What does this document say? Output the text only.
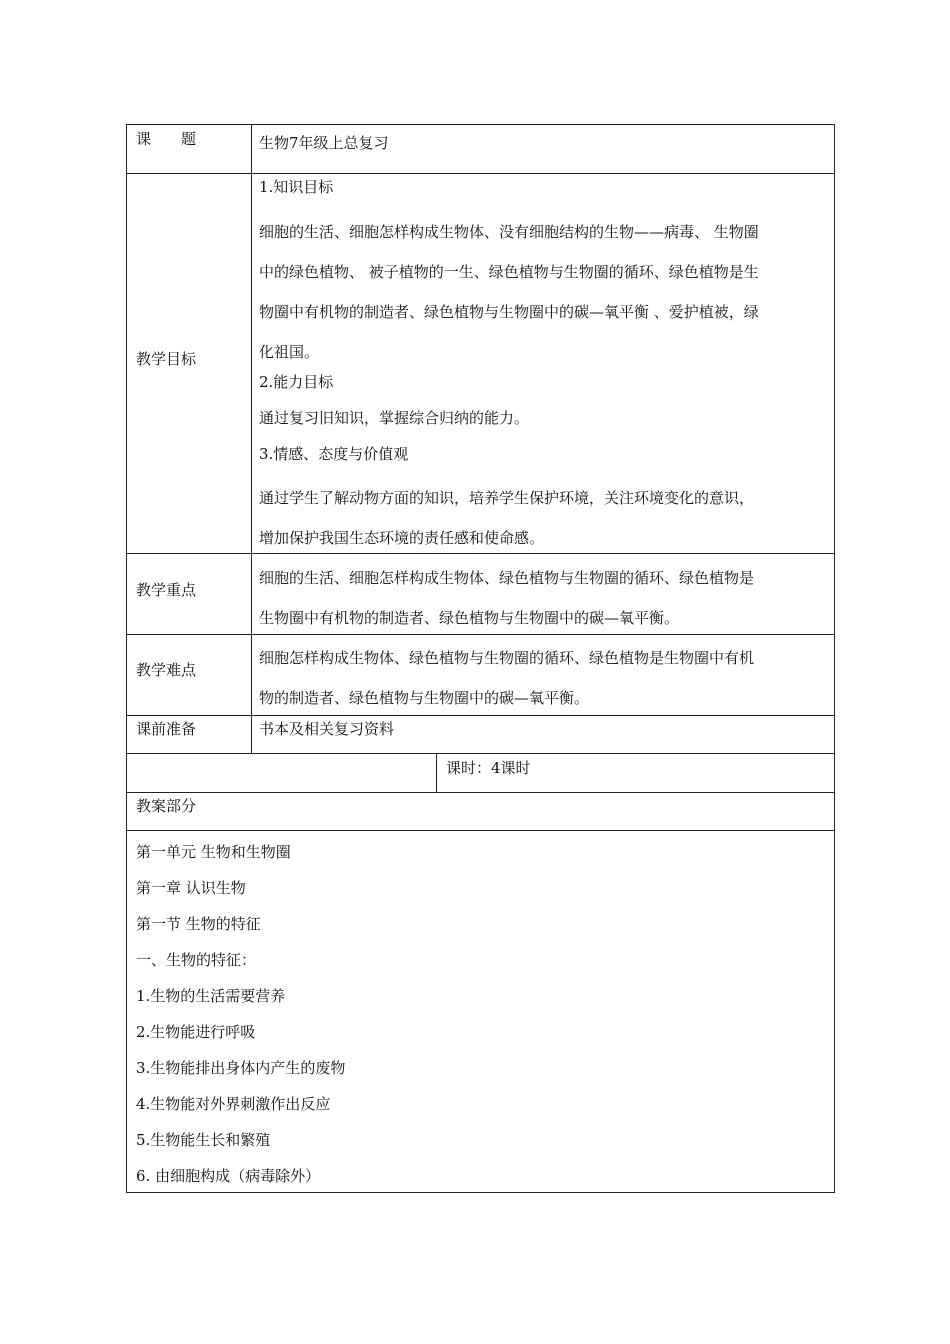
课　　题	生物7年级上总复习
教学目标
1.知识目标
细胞的生活、细胞怎样构成生物体、没有细胞结构的生物——病毒、 生物圈
中的绿色植物、 被子植物的一生、绿色植物与生物圈的循环、绿色植物是生
物圈中有机物的制造者、绿色植物与生物圈中的碳—氧平衡 、爱护植被，绿
化祖国。
2.能力目标
通过复习旧知识，掌握综合归纳的能力。
3.情感、态度与价值观
通过学生了解动物方面的知识，培养学生保护环境，关注环境变化的意识，
增加保护我国生态环境的责任感和使命感。
教学重点
细胞的生活、细胞怎样构成生物体、绿色植物与生物圈的循环、绿色植物是
生物圈中有机物的制造者、绿色植物与生物圈中的碳—氧平衡。
教学难点
细胞怎样构成生物体、绿色植物与生物圈的循环、绿色植物是生物圈中有机
物的制造者、绿色植物与生物圈中的碳—氧平衡。
课前准备	书本及相关复习资料
课时：4课时
教案部分
第一单元 生物和生物圈
第一章 认识生物
第一节 生物的特征
一、生物的特征：
1.生物的生活需要营养
2.生物能进行呼吸
3.生物能排出身体内产生的废物
4.生物能对外界刺激作出反应
5.生物能生长和繁殖
6. 由细胞构成（病毒除外）
